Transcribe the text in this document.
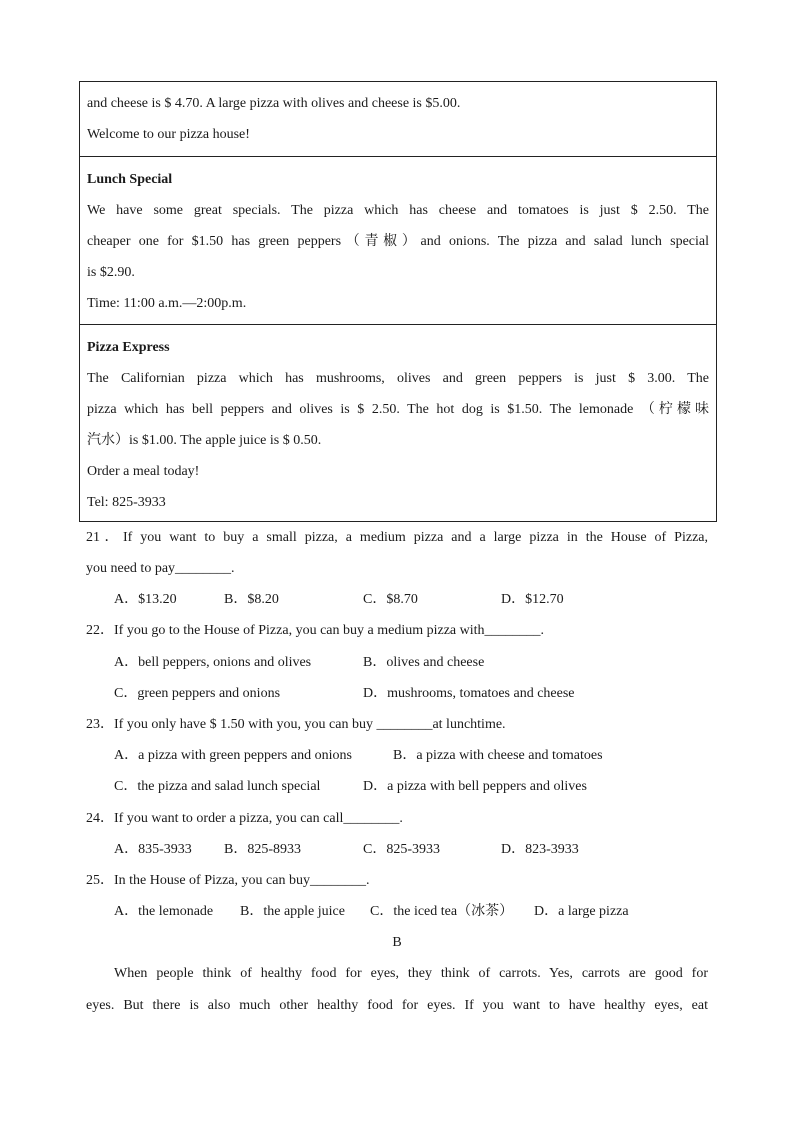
and cheese is $ 4.70. A large pizza with olives and cheese is $5.00.
Welcome to our pizza house!
Lunch Special
We have some great specials. The pizza which has cheese and tomatoes is just $ 2.50. The
cheaper one for $1.50 has green peppers（青椒）and onions. The pizza and salad lunch special
is $2.90.
Time: 11:00 a.m.—2:00p.m.
Pizza Express
The Californian pizza which has mushrooms, olives and green peppers is just $ 3.00. The
pizza which has bell peppers and olives is $ 2.50. The hot dog is $1.50. The lemonade （柠檬味
汽水）is $1.00. The apple juice is $ 0.50.
Order a meal today!
Tel: 825-3933
21．If you want to buy a small pizza, a medium pizza and a large pizza in the House of Pizza,
you need to pay________.
A．$13.20	B．$8.20	C．$8.70	D．$12.70
22．If you go to the House of Pizza, you can buy a medium pizza with________.
A．bell peppers, onions and olives	B．olives and cheese
C．green peppers and onions	D．mushrooms, tomatoes and cheese
23．If you only have $ 1.50 with you, you can buy ________at lunchtime.
A．a pizza with green peppers and onions	B．a pizza with cheese and tomatoes
C．the pizza and salad lunch special	D．a pizza with bell peppers and olives
24．If you want to order a pizza, you can call________.
A．835-3933 B．825-8933	C．825-3933	D．823-3933
25．In the House of Pizza, you can buy________.
A．the lemonade B．the apple juice C．the iced tea（冰茶） D．a large pizza
B
When people think of healthy food for eyes, they think of carrots. Yes, carrots are good for
eyes. But there is also much other healthy food for eyes. If you want to have healthy eyes, eat
